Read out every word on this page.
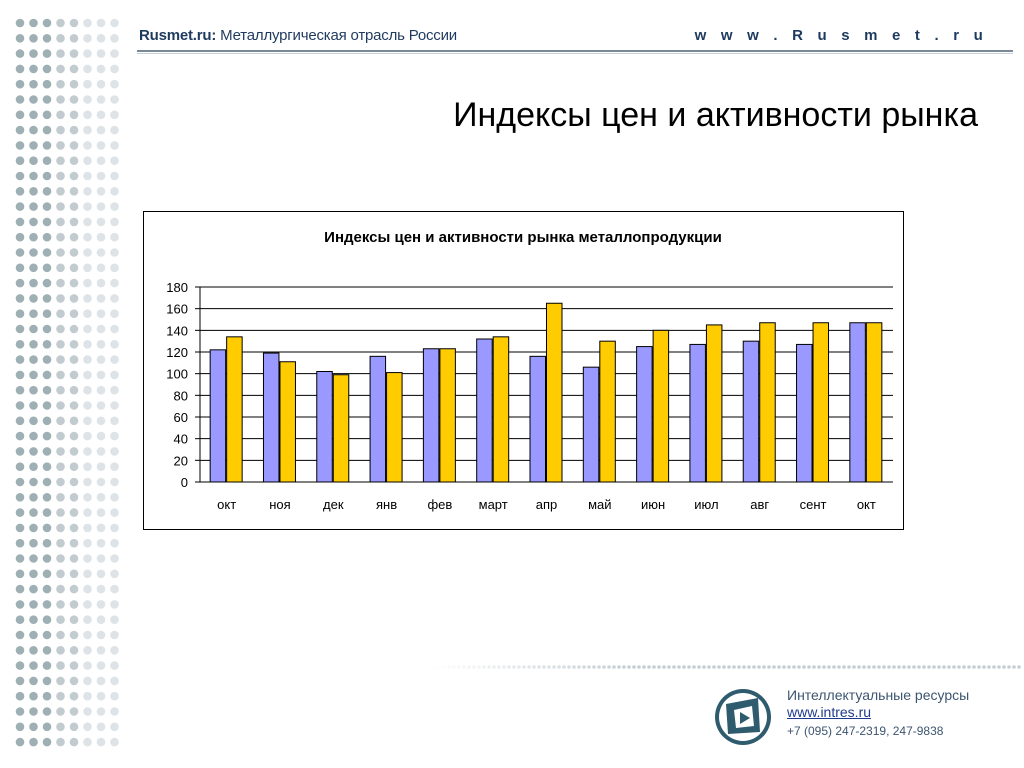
Rusmet.ru: Металлургическая отрасль России	w w w . R u s m e t . r u
Индексы цен и активности рынка
Индексы цен и активности рынка металлопродукции
0
20
40
60
80
100
120
140
160
180
окт	ноя дек янв фев март апр май июн июл авг сент окт
Интеллектуальные ресурсы
www.intres.ru
+7 (095) 247-2319, 247-9838
